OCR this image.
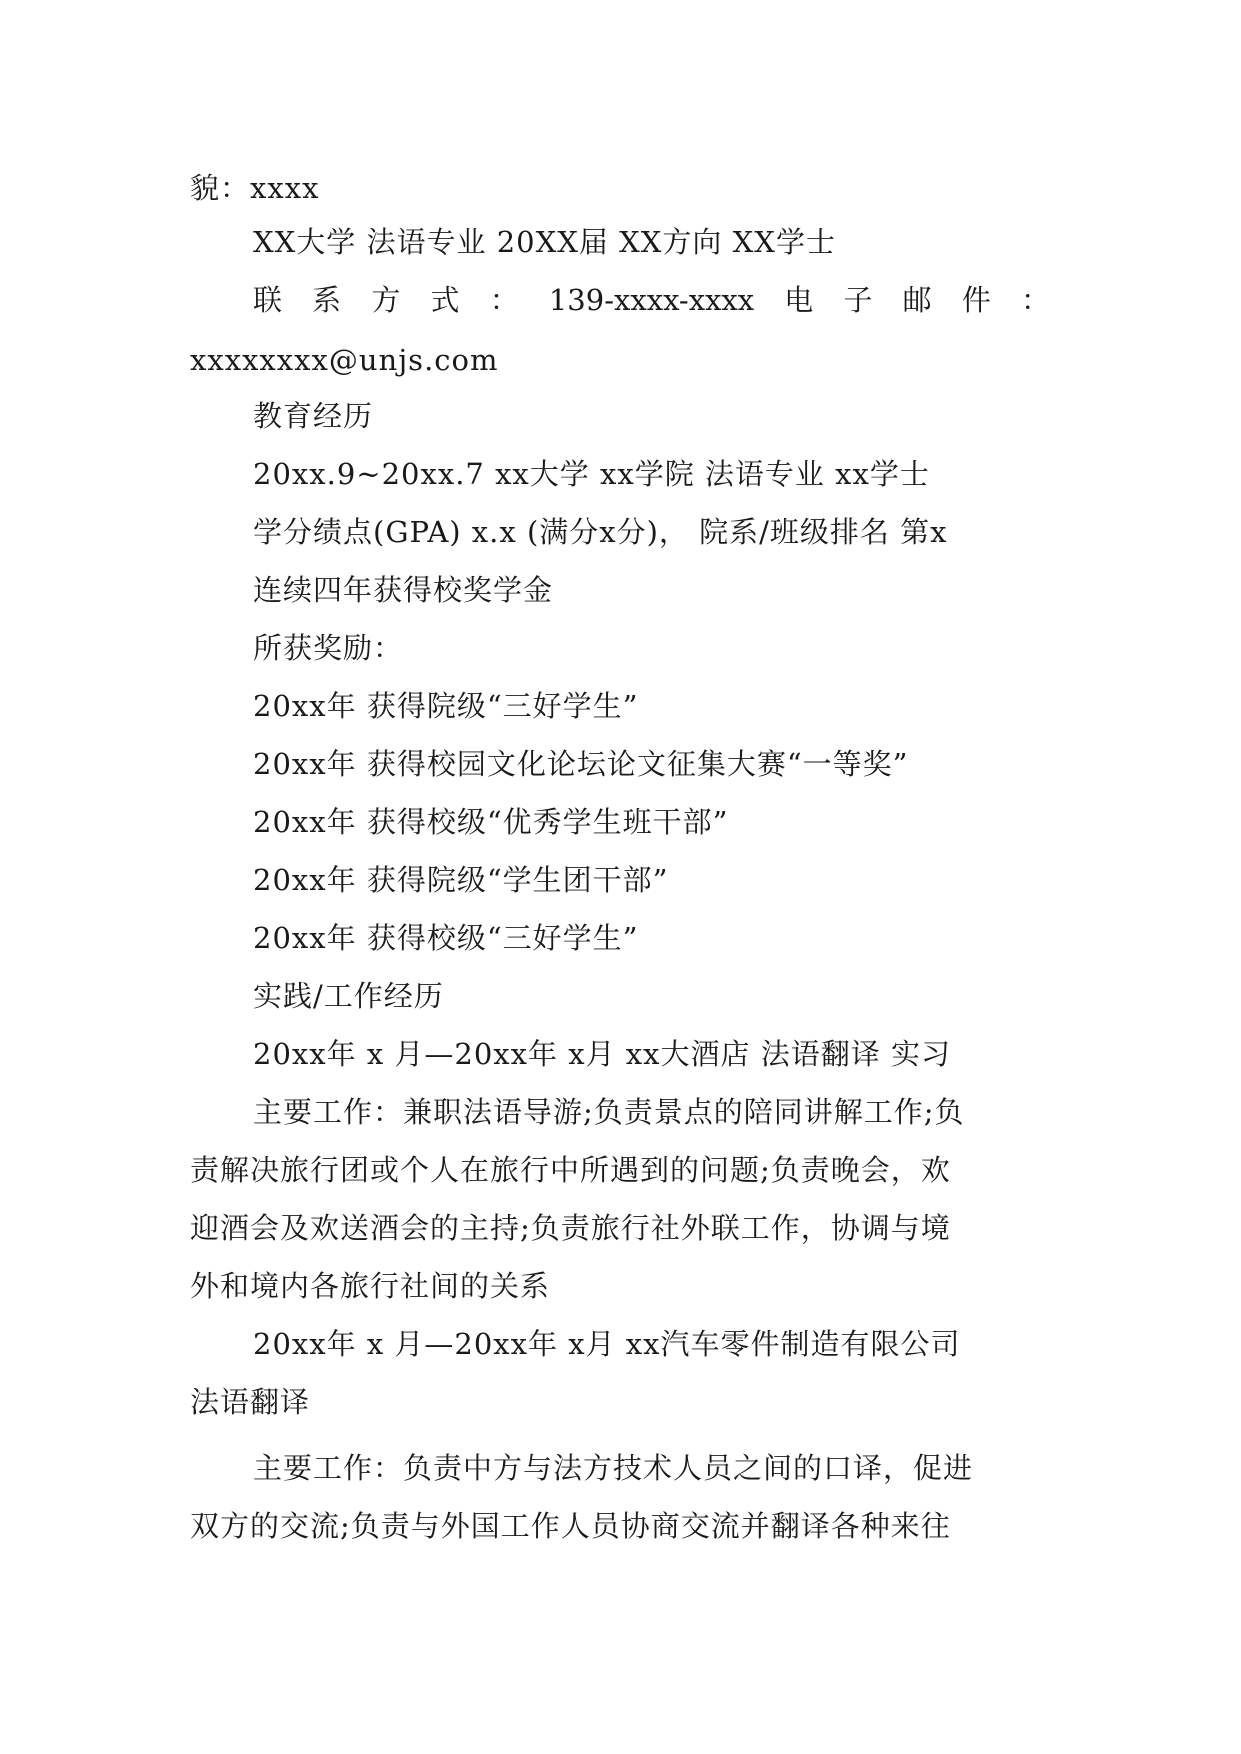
貌：xxxx
XX大学 法语专业 20XX届 XX方向 XX学士
联 系 方 式 ： 139-xxxx-xxxx 电 子 邮 件 ：
xxxxxxxx@unjs.com
教育经历
20xx.9~20xx.7 xx大学 xx学院 法语专业 xx学士
学分绩点(GPA) x.x (满分x分)， 院系/班级排名 第x
连续四年获得校奖学金
所获奖励：
20xx年 获得院级“三好学生”
20xx年 获得校园文化论坛论文征集大赛“一等奖”
20xx年 获得校级“优秀学生班干部”
20xx年 获得院级“学生团干部”
20xx年 获得校级“三好学生”
实践/工作经历
20xx年 x 月—20xx年 x月 xx大酒店 法语翻译 实习
主要工作：兼职法语导游;负责景点的陪同讲解工作;负
责解决旅行团或个人在旅行中所遇到的问题;负责晚会，欢
迎酒会及欢送酒会的主持;负责旅行社外联工作，协调与境
外和境内各旅行社间的关系
20xx年 x 月—20xx年 x月 xx汽车零件制造有限公司
法语翻译
主要工作：负责中方与法方技术人员之间的口译，促进
双方的交流;负责与外国工作人员协商交流并翻译各种来往
